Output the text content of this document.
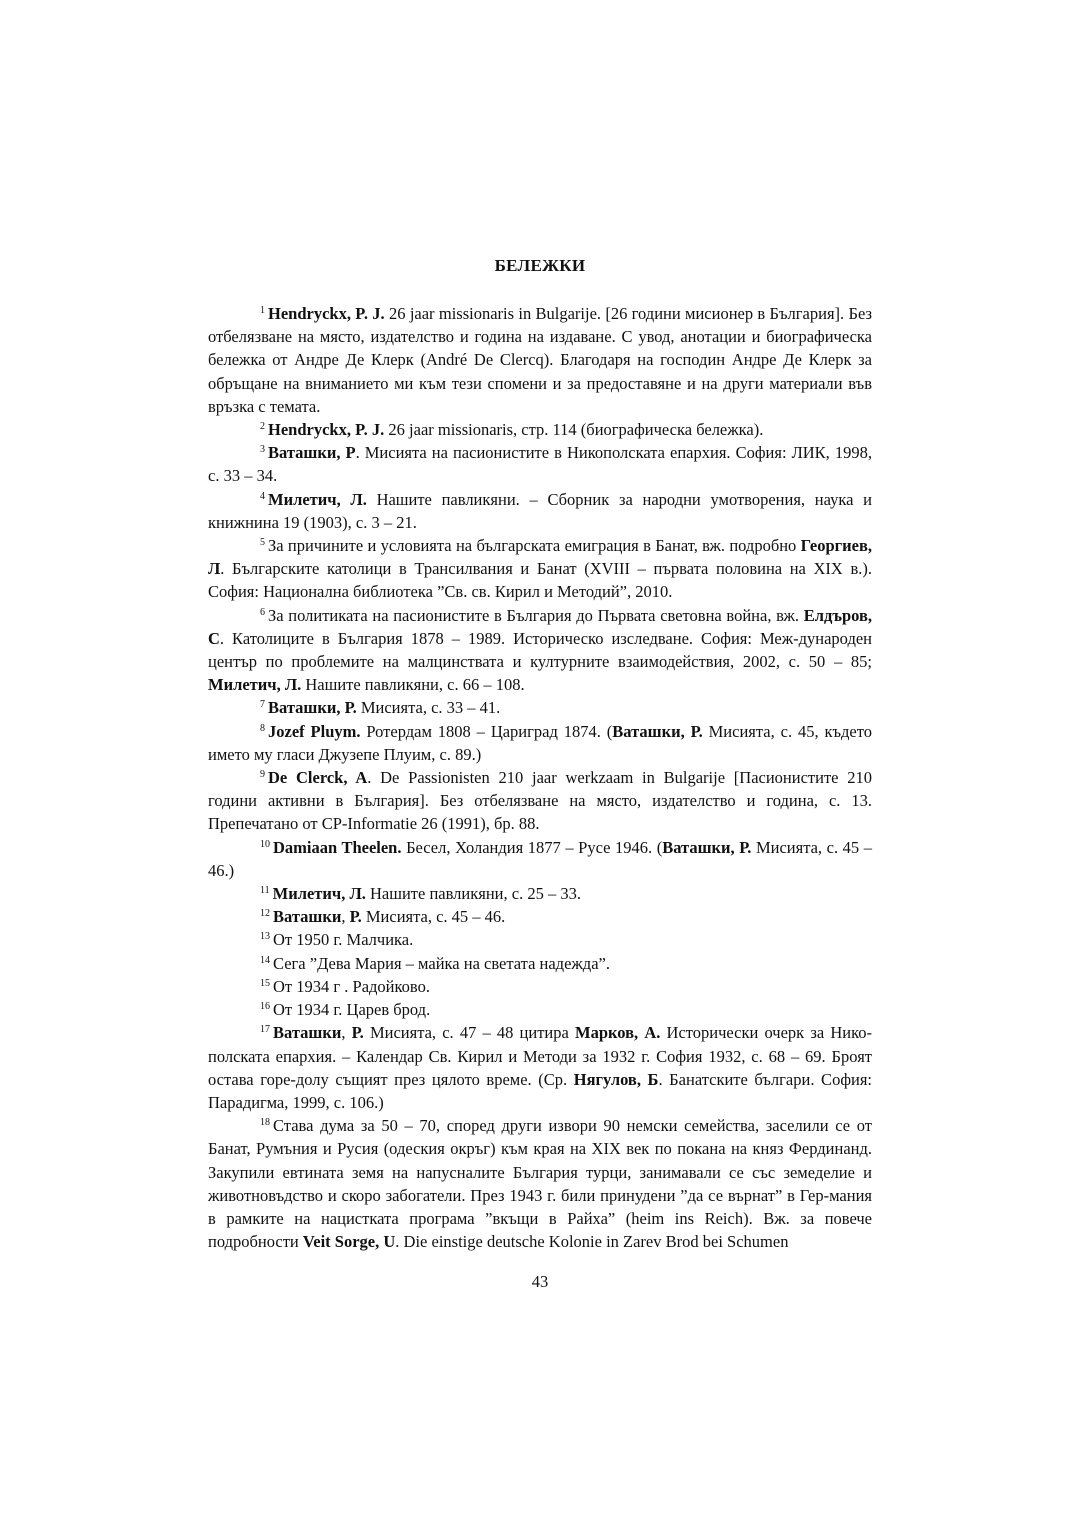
БЕЛЕЖКИ

$^1$ Hendryckx, P. J. 26 jaar missionaris in Bulgarije. [26 години мисионер в България]. Без отбелязване на място, издателство и година на издаване. С увод, анотации и биографическа бележка от Андре Де Клерк (André De Clercq). Благодаря на господин Андре Де Клерк за обръщане на вниманието ми към тези спомени и за предоставяне и на други материали във връзка с темата.

$^2$ Hendryckx, P. J. 26 jaar missionaris, стр. 114 (биографическа бележка).

$^3$ Ваташки, Р. Мисията на пасионистите в Никополската епархия. София: ЛИК, 1998, с. 33 – 34.

$^4$ Милетич, Л. Нашите павликяни. – Сборник за народни умотворения, наука и книжнина 19 (1903), с. 3 – 21.

$^5$ За причините и условията на българската емиграция в Банат, вж. подробно Георгиев, Л. Българските католици в Трансилвания и Банат (XVIII – първата половина на XIX в.). София: Национална библиотека ”Св. св. Кирил и Методий”, 2010.

$^6$ За политиката на пасионистите в България до Първата световна война, вж. Елдъров, С. Католиците в България 1878 – 1989. Историческо изследване. София: Меж-дународен център по проблемите на малцинствата и културните взаимодействия, 2002, с. 50 – 85; Милетич, Л. Нашите павликяни, с. 66 – 108.

$^7$ Ваташки, Р. Мисията, с. 33 – 41.

$^8$ Jozef Pluym. Ротердам 1808 – Цариград 1874. (Ваташки, Р. Мисията, с. 45, където името му гласи Джузепе Плуим, с. 89.)

$^9$ De Clerck, A. De Passionisten 210 jaar werkzaam in Bulgarije [Пасионистите 210 години активни в България]. Без отбелязване на място, издателство и година, с. 13. Препечатано от CP-Informatie 26 (1991), бр. 88.

$^{10}$ Damiaan Theelen. Бесел, Холандия 1877 – Русе 1946. (Ваташки, Р. Мисията, с. 45 – 46.)

$^{11}$ Милетич, Л. Нашите павликяни, с. 25 – 33.

$^{12}$ Ваташки, Р. Мисията, с. 45 – 46.

$^{13}$ От 1950 г. Малчика.

$^{14}$ Сега ”Дева Мария – майка на светата надежда”.

$^{15}$ От 1934 г . Радойково.

$^{16}$ От 1934 г. Царев брод.

$^{17}$ Ваташки, Р. Мисията, с. 47 – 48 цитира Марков, А. Исторически очерк за Нико-полската епархия. – Календар Св. Кирил и Методи за 1932 г. София 1932, с. 68 – 69. Броят остава горе-долу същият през цялото време. (Ср. Нягулов, Б. Банатските българи. София: Парадигма, 1999, с. 106.)

$^{18}$ Става дума за 50 – 70, според други извори 90 немски семейства, заселили се от Банат, Румъния и Русия (одеския окръг) към края на XIX век по покана на княз Фердинанд. Закупили евтината земя на напусналите България турци, занимавали се със земеделие и животновъдство и скоро забогатели. През 1943 г. били принудени ”да се върнат” в Гер-мания в рамките на нацистката програма ”вкъщи в Райха” (heim ins Reich). Вж. за повече подробности Veit Sorge, U. Die einstige deutsche Kolonie in Zarev Brod bei Schumen

43
